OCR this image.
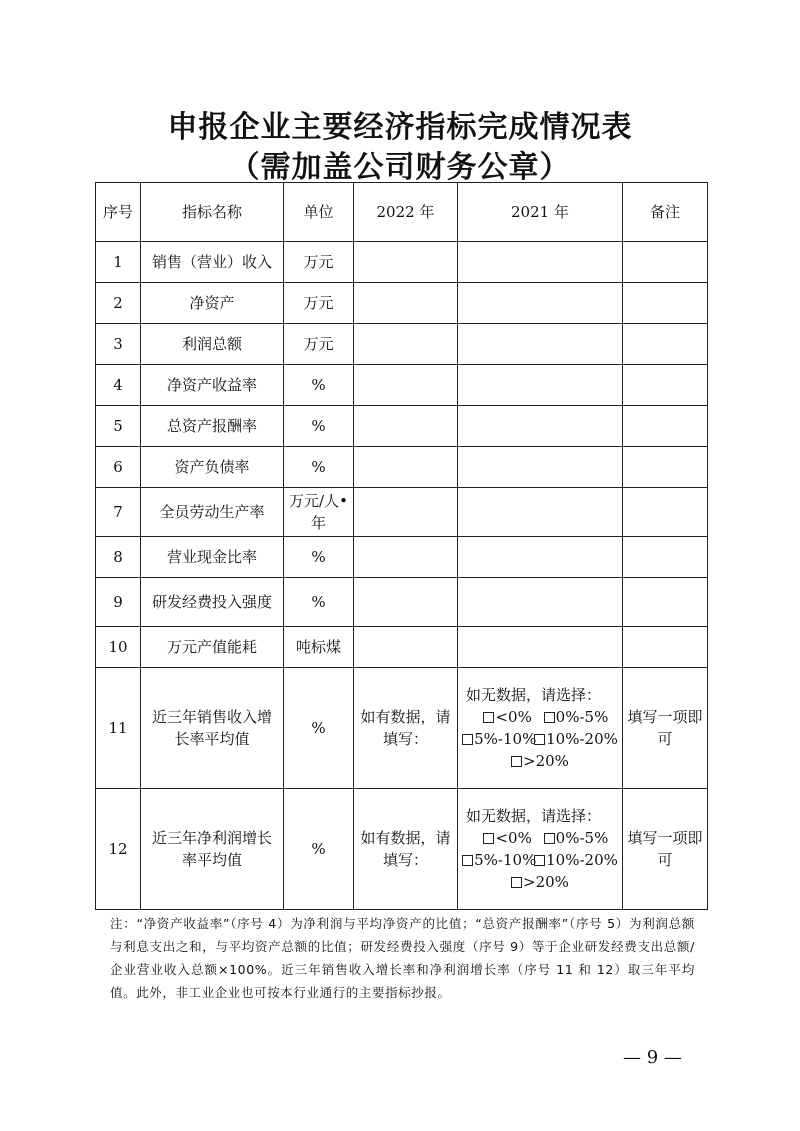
申报企业主要经济指标完成情况表
（需加盖公司财务公章）
序号	指标名称	单位	2022 年	2021 年	备注
1	销售（营业）收入	万元			
2	净资产	万元			
3	利润总额	万元			
4	净资产收益率	%			
5	总资产报酬率	%			
6	资产负债率	%			
7	全员劳动生产率	万元/人•年			
8	营业现金比率	%			
9	研发经费投入强度	%			
10	万元产值能耗	吨标煤			
11	近三年销售收入增长率平均值	%	如有数据，请填写：	如无数据，请选择：
<0% 0%-5%
5%-10% 10%-20%
>20%	填写一项即可
12	近三年净利润增长率平均值	%	如有数据，请填写：	如无数据，请选择：
<0% 0%-5%
5%-10% 10%-20%
>20%	填写一项即可
注：“净资产收益率”（序号 4）为净利润与平均净资产的比值；“总资产报酬率”（序号 5）为利润总额与利息支出之和，与平均资产总额的比值；研发经费投入强度（序号 9）等于企业研发经费支出总额/企业营业收入总额×100%。近三年销售收入增长率和净利润增长率（序号 11 和 12）取三年平均值。此外，非工业企业也可按本行业通行的主要指标抄报。
— 9 —
